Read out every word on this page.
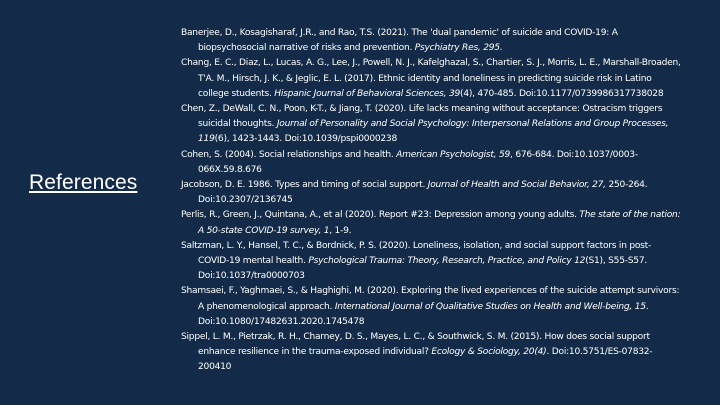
References

Banerjee, D., Kosagisharaf, J.R., and Rao, T.S. (2021). The 'dual pandemic' of suicide and COVID-19: A biopsychosocial narrative of risks and prevention. Psychiatry Res, 295.

Chang, E. C., Diaz, L., Lucas, A. G., Lee, J., Powell, N. J., Kafelghazal, S., Chartier, S. J., Morris, L. E., Marshall-Broaden, T'A. M., Hirsch, J. K., & Jeglic, E. L. (2017). Ethnic identity and loneliness in predicting suicide risk in Latino college students. Hispanic Journal of Behavioral Sciences, 39(4), 470-485. Doi:10.1177/0739986317738028

Chen, Z., DeWall, C. N., Poon, K-T., & Jiang, T. (2020). Life lacks meaning without acceptance: Ostracism triggers suicidal thoughts. Journal of Personality and Social Psychology: Interpersonal Relations and Group Processes, 119(6), 1423-1443. Doi:10.1039/pspi0000238

Cohen, S. (2004). Social relationships and health. American Psychologist, 59, 676-684. Doi:10.1037/0003-066X.59.8.676

Jacobson, D. E. 1986. Types and timing of social support. Journal of Health and Social Behavior, 27, 250-264. Doi:10.2307/2136745

Perlis, R., Green, J., Quintana, A., et al (2020). Report #23: Depression among young adults. The state of the nation: A 50-state COVID-19 survey, 1, 1-9.

Saltzman, L. Y., Hansel, T. C., & Bordnick, P. S. (2020). Loneliness, isolation, and social support factors in post-COVID-19 mental health. Psychological Trauma: Theory, Research, Practice, and Policy 12(S1), S55-S57. Doi:10.1037/tra0000703

Shamsaei, F., Yaghmaei, S., & Haghighi, M. (2020). Exploring the lived experiences of the suicide attempt survivors: A phenomenological approach. International Journal of Qualitative Studies on Health and Well-being, 15. Doi:10.1080/17482631.2020.1745478

Sippel, L. M., Pietrzak, R. H., Charney, D. S., Mayes, L. C., & Southwick, S. M. (2015). How does social support enhance resilience in the trauma-exposed individual? Ecology & Sociology, 20(4). Doi:10.5751/ES-07832-200410
